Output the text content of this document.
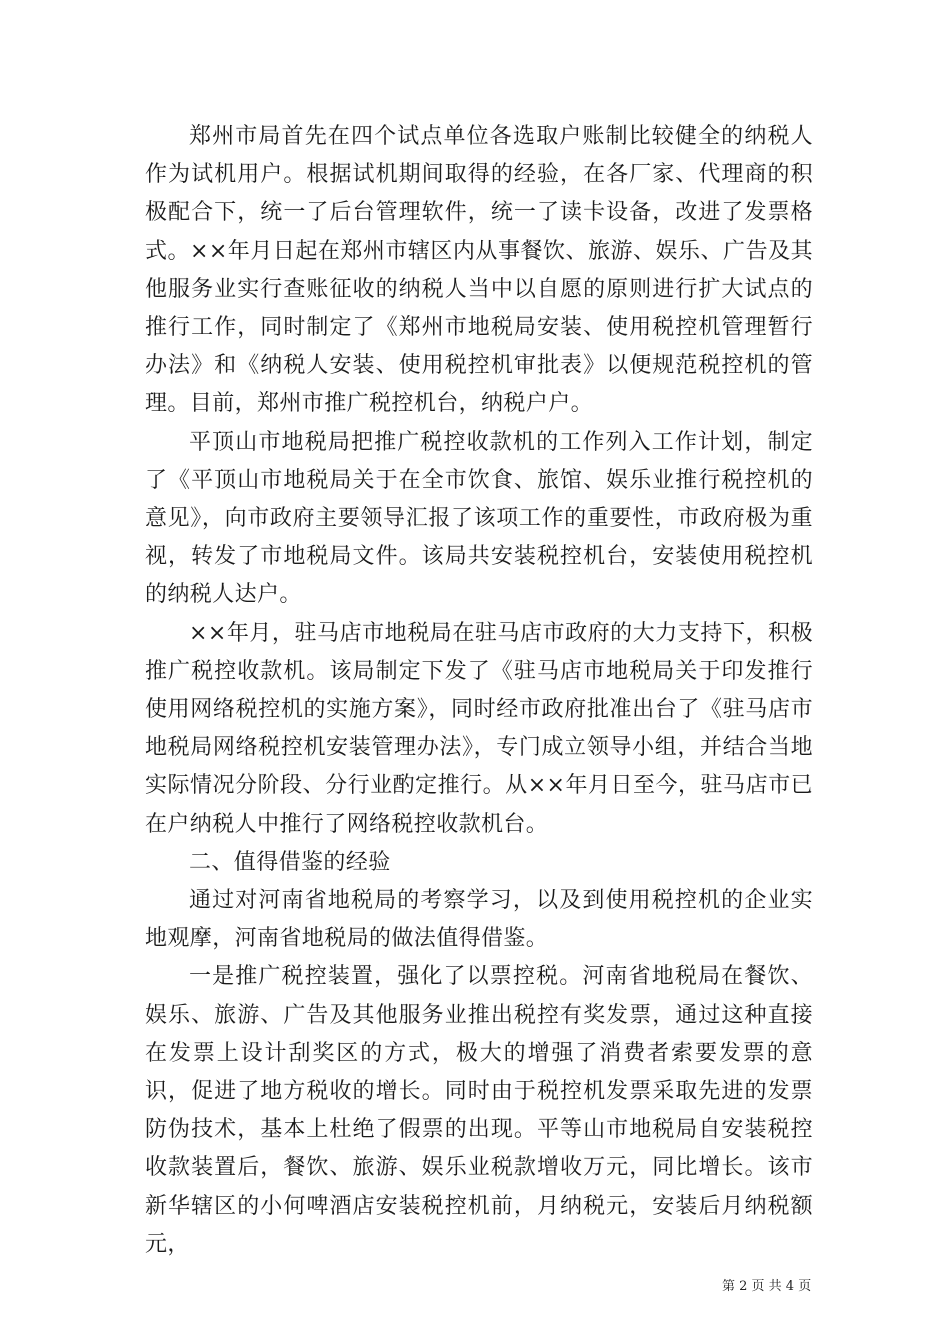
郑州市局首先在四个试点单位各选取户账制比较健全的纳税人作为试机用户。根据试机期间取得的经验，在各厂家、代理商的积极配合下，统一了后台管理软件，统一了读卡设备，改进了发票格式。××年月日起在郑州市辖区内从事餐饮、旅游、娱乐、广告及其他服务业实行查账征收的纳税人当中以自愿的原则进行扩大试点的推行工作，同时制定了《郑州市地税局安装、使用税控机管理暂行办法》和《纳税人安装、使用税控机审批表》以便规范税控机的管理。目前，郑州市推广税控机台，纳税户户。

平顶山市地税局把推广税控收款机的工作列入工作计划，制定了《平顶山市地税局关于在全市饮食、旅馆、娱乐业推行税控机的意见》，向市政府主要领导汇报了该项工作的重要性，市政府极为重视，转发了市地税局文件。该局共安装税控机台，安装使用税控机的纳税人达户。

××年月，驻马店市地税局在驻马店市政府的大力支持下，积极推广税控收款机。该局制定下发了《驻马店市地税局关于印发推行使用网络税控机的实施方案》，同时经市政府批准出台了《驻马店市地税局网络税控机安装管理办法》，专门成立领导小组，并结合当地实际情况分阶段、分行业酌定推行。从××年月日至今，驻马店市已在户纳税人中推行了网络税控收款机台。

二、值得借鉴的经验

通过对河南省地税局的考察学习，以及到使用税控机的企业实地观摩，河南省地税局的做法值得借鉴。

一是推广税控装置，强化了以票控税。河南省地税局在餐饮、娱乐、旅游、广告及其他服务业推出税控有奖发票，通过这种直接在发票上设计刮奖区的方式，极大的增强了消费者索要发票的意识，促进了地方税收的增长。同时由于税控机发票采取先进的发票防伪技术，基本上杜绝了假票的出现。平等山市地税局自安装税控收款装置后，餐饮、旅游、娱乐业税款增收万元，同比增长。该市新华辖区的小何啤酒店安装税控机前，月纳税元，安装后月纳税额元，

第 2 页 共 4 页
